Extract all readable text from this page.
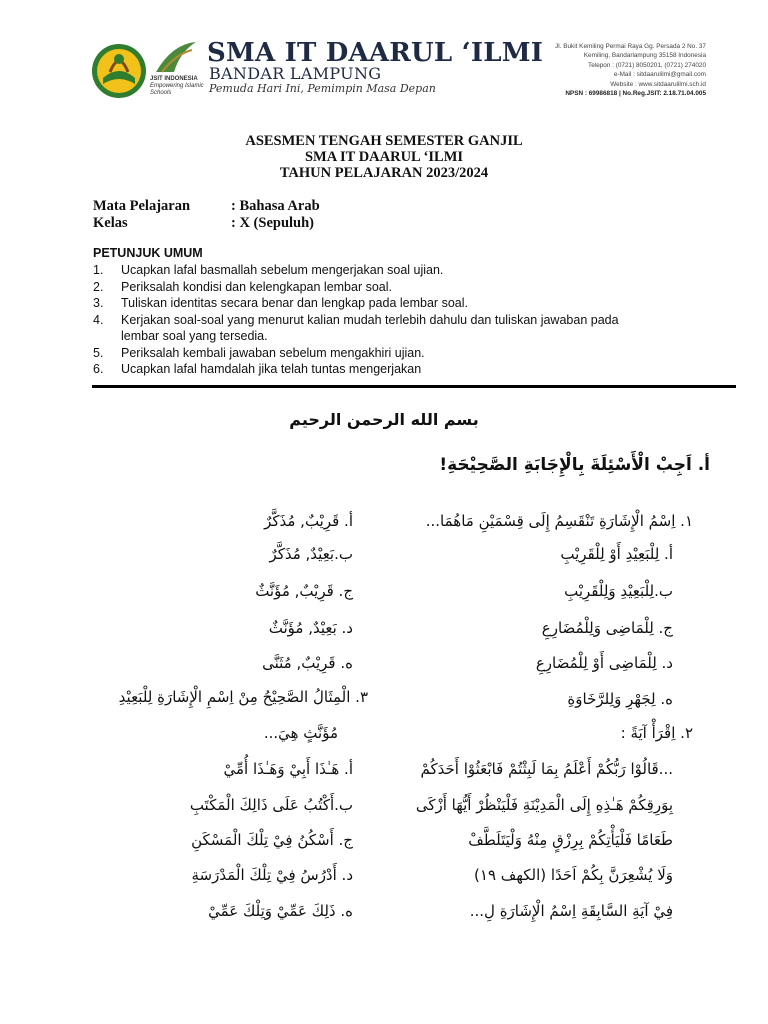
JSIT INDONESIA
Empowering Islamic Schools
SMA IT DAARUL ‘ILMI
BANDAR LAMPUNG
Pemuda Hari Ini, Pemimpin Masa Depan
Jl. Bukit Kemiling Permai Raya Gg. Persada 2 No. 37
Kemiling, Bandarlampung 35158 Indonesia
Telepon : (0721) 8050201, (0721) 274020
e-Mail : sitdaarulilmi@gmail.com
Website : www.sitdaarulilmi.sch.id
NPSN : 69986818 | No.Reg.JSIT: 2.18.71.04.005
ASESMEN TENGAH SEMESTER GANJIL
SMA IT DAARUL ‘ILMI
TAHUN PELAJARAN 2023/2024
Mata Pelajaran	: Bahasa Arab
Kelas	: X (Sepuluh)
PETUNJUK UMUM
1.	Ucapkan lafal basmallah sebelum mengerjakan soal ujian.
2.	Periksalah kondisi dan kelengkapan lembar soal.
3.	Tuliskan identitas secara benar dan lengkap pada lembar soal.
4.	Kerjakan soal-soal yang menurut kalian mudah terlebih dahulu dan tuliskan jawaban pada lembar soal yang tersedia.
5.	Periksalah kembali jawaban sebelum mengakhiri ujian.
6.	Ucapkan lafal hamdalah jika telah tuntas mengerjakan
بسم الله الرحمن الرحيم
أ. اَجِبْ الْأَسْئِلَةَ بِالْإِجَابَةِ الصَّحِيْحَةِ!
١. اِسْمُ الْإِشَارَةِ تَنْقَسِمُ إِلَى قِسْمَيْنِ مَاهُمَا...
أ. لِلْبَعِيْدِ أَوْ لِلْقَرِيْبِ
ب.لِلْبَعِيْدِ وَلِلْقَرِيْبِ
ج. لِلْمَاضِى وَلِلْمُضَارِعِ
د. لِلْمَاضِى أَوْ لِلْمُضَارِعِ
ه. لِجَهْرِ وَلِلرَّخَاوَةِ
٢. اِقْرَأْ آيَةً :
...قَالُوْا رَبُّكُمْ أَعْلَمُ بِمَا لَبِثْتُمْ فَابْعَثُوْا أَحَدَكُمْ
بِوَرِقِكُمْ هَـٰذِهِ إِلَى الْمَدِيْنَةِ فَلْيَنْظُرْ أَيُّهَا أَزْكَى
طَعَامًا فَلْيَأْتِكُمْ بِرِزْقٍ مِنْهُ وَلْيَتَلَطَّفْ
وَلَا يُشْعِرَنَّ بِكُمْ اَحَدًا (الكهف ١٩)
فِيْ آيَةِ السَّابِقَةِ اِسْمُ الْإِشَارَةِ لِ...
أ. قَرِيْبٌ, مُذَكَّرٌ
ب.بَعِيْدٌ, مُذَكَّرٌ
ج. قَرِيْبٌ, مُؤَنَّثٌ
د. بَعِيْدٌ, مُؤَنَّثٌ
ه. قَرِيْبٌ, مُثَنَّى
٣. الْمِثَالُ الصَّحِيْحُ مِنْ اِسْمِ الْإِشَارَةِ لِلْبَعِيْدِ
مُؤَنَّثٍ هِيَ...
أ. هَـٰذَا أَبِيْ وَهَـٰذَا أُمِّيْ
ب.أَكْتُبُ عَلَى ذَالِكَ الْمَكْتَبِ
ج. أَسْكُنُ فِيْ تِلْكَ الْمَسْكَنِ
د. أَدْرُسُ فِيْ تِلْكَ الْمَدْرَسَةِ
ه. ذَلِكَ عَمِّيْ وَتِلْكَ عَمِّيْ
